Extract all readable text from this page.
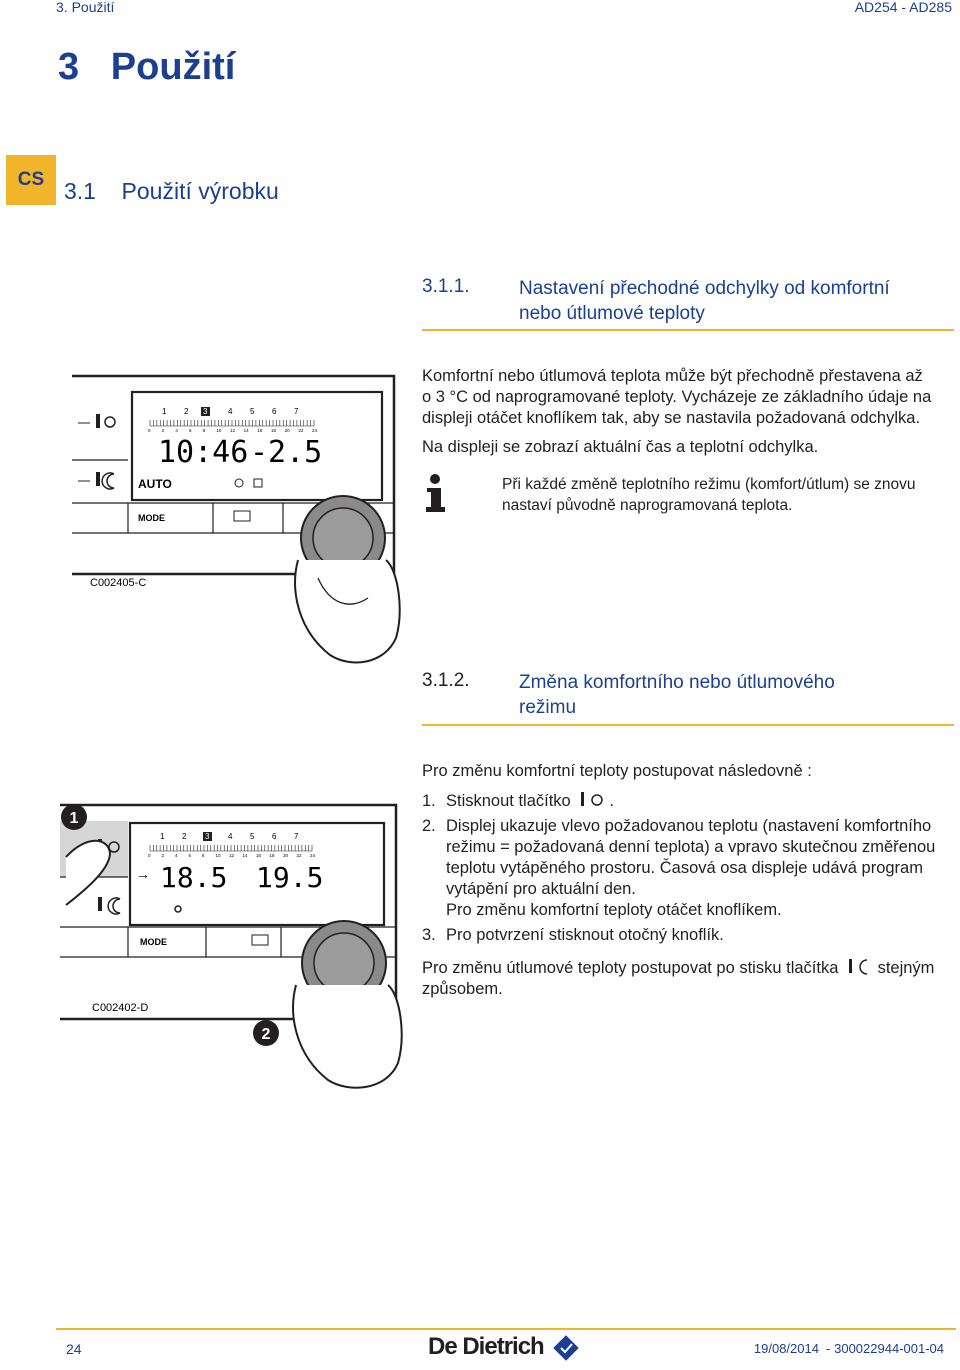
3. Použití	AD254 - AD285
3   Použití
CS 3.1    Použití výrobku
3.1.1.	Nastavení přechodné odchylky od komfortní
nebo útlumové teploty
Komfortní nebo útlumová teplota může být přechodně přestavena až
o 3 °C od naprogramované teploty. Vycházeje ze základního údaje na
displeji otáčet knoflíkem tak, aby se nastavila požadovaná odchylka.
Na displeji se zobrazí aktuální čas a teplotní odchylka.
Při každé změně teplotního režimu (komfort/útlum) se znovu
nastaví původně naprogramovaná teplota.
1 2 3	4 5 6 7
0 2 4 6 8 10 12 14 16 18 20 22 24
10:46 -2.5
AUTO
MODE
C002405-C
3.1.2.	Změna komfortního nebo útlumového
režimu
Pro změnu komfortní teploty postupovat následovně :
1. Stisknout tlačítko .
2. Displej ukazuje vlevo požadovanou teplotu (nastavení komfortního
režimu = požadovaná denní teplota) a vpravo skutečnou změřenou
teplotu vytápěného prostoru. Časová osa displeje udává program
vytápění pro aktuální den.
Pro změnu komfortní teploty otáčet knoflíkem.
3. Pro potvrzení stisknout otočný knoflík.
Pro změnu útlumové teploty postupovat po stisku tlačítka stejným
způsobem.
1 2 3 4 5 6 7
0 2 4 6 8 10 12 14 16 18 20 22 24
→ 18.5 19.5
MODE
1
2
C002402-D
24	De Dietrich	19/08/2014  - 300022944-001-04
